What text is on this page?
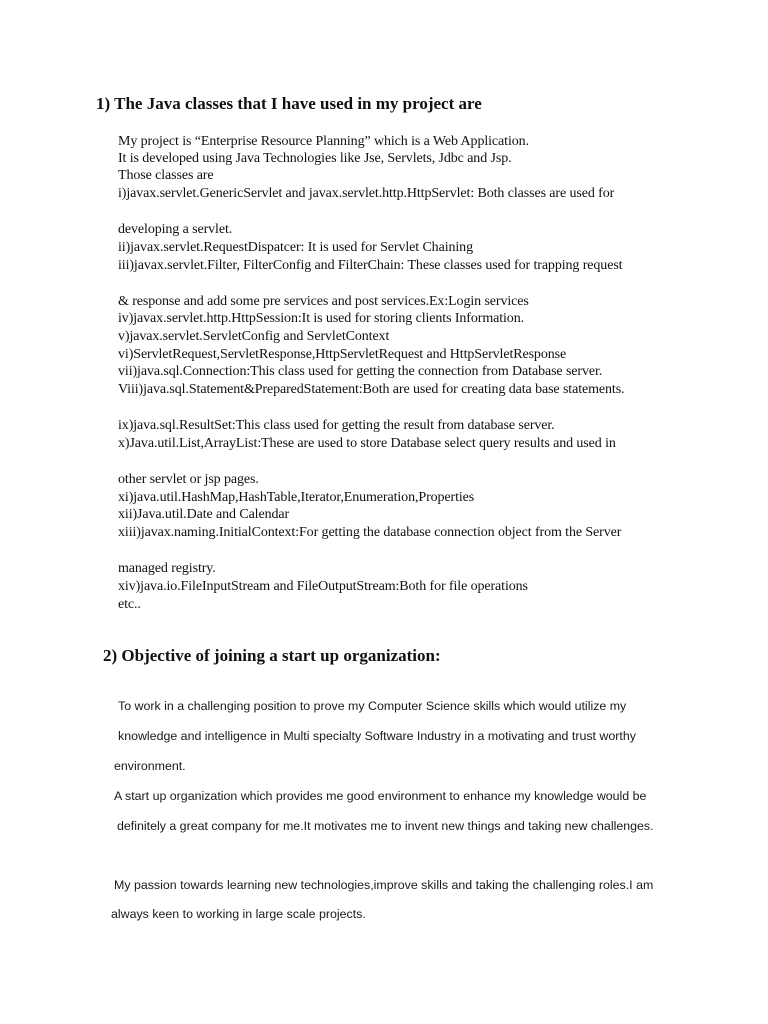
1) The Java classes that I have used in my project are
My project is “Enterprise Resource Planning” which is a Web Application.
It is developed using Java Technologies like Jse, Servlets, Jdbc and Jsp.
Those classes are
i)javax.servlet.GenericServlet and javax.servlet.http.HttpServlet: Both classes are used for
developing a servlet.
ii)javax.servlet.RequestDispatcer: It is used for Servlet Chaining
iii)javax.servlet.Filter, FilterConfig and FilterChain: These classes used for trapping request
& response and add some pre services and post services.Ex:Login services
iv)javax.servlet.http.HttpSession:It is used for storing clients Information.
v)javax.servlet.ServletConfig and ServletContext
vi)ServletRequest,ServletResponse,HttpServletRequest and HttpServletResponse
vii)java.sql.Connection:This class used for getting the connection from Database server.
Viii)java.sql.Statement&PreparedStatement:Both are used for creating data base statements.
ix)java.sql.ResultSet:This class used for getting the result from database server.
x)Java.util.List,ArrayList:These are used to store Database select query results and used in
other servlet or jsp pages.
xi)java.util.HashMap,HashTable,Iterator,Enumeration,Properties
xii)Java.util.Date and Calendar
xiii)javax.naming.InitialContext:For getting the database connection object from the Server
managed registry.
xiv)java.io.FileInputStream and FileOutputStream:Both for file operations
etc..
2) Objective of joining a start up organization:
To work in a challenging position to prove my Computer Science skills which would utilize my
knowledge and intelligence in Multi specialty Software Industry in a motivating and trust worthy
environment.
A start up organization which provides me good environment to enhance my knowledge would be
definitely a great company for me.It motivates me to invent new things and taking new challenges.
My passion towards learning new technologies,improve skills and taking the challenging roles.I am
always keen to working in large scale projects.
